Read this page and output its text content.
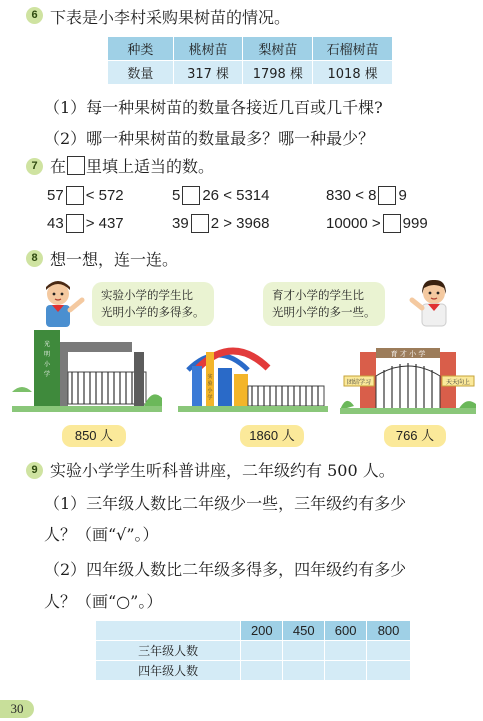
6 下表是小李村采购果树苗的情况。
种类	桃树苗	梨树苗	石榴树苗
数量	317 棵	1798 棵	1018 棵
（1）每一种果树苗的数量各接近几百或几千棵?
（2）哪一种果树苗的数量最多？哪一种最少？
7 在 里填上适当的数。
57 < 572	5 26 < 5314	830 < 8 9
43 > 437	39 2 > 3968	10000 > 999
8 想一想，连一连。
实验小学的学生比
光明小学的多得多。
育才小学的学生比
光明小学的多一些。
光
明
小
学	实
验
小
学
育 才 小 学
团结学习	天天向上
850 人	1860 人	766 人
9 实验小学学生听科普讲座，二年级约有 500 人。
（1）三年级人数比二年级少一些，三年级约有多少
人？（画“√”。）
（2）四年级人数比二年级多得多，四年级约有多少
人？（画“○”。）
	200	450	600	800
三年级人数				
四年级人数				
30
